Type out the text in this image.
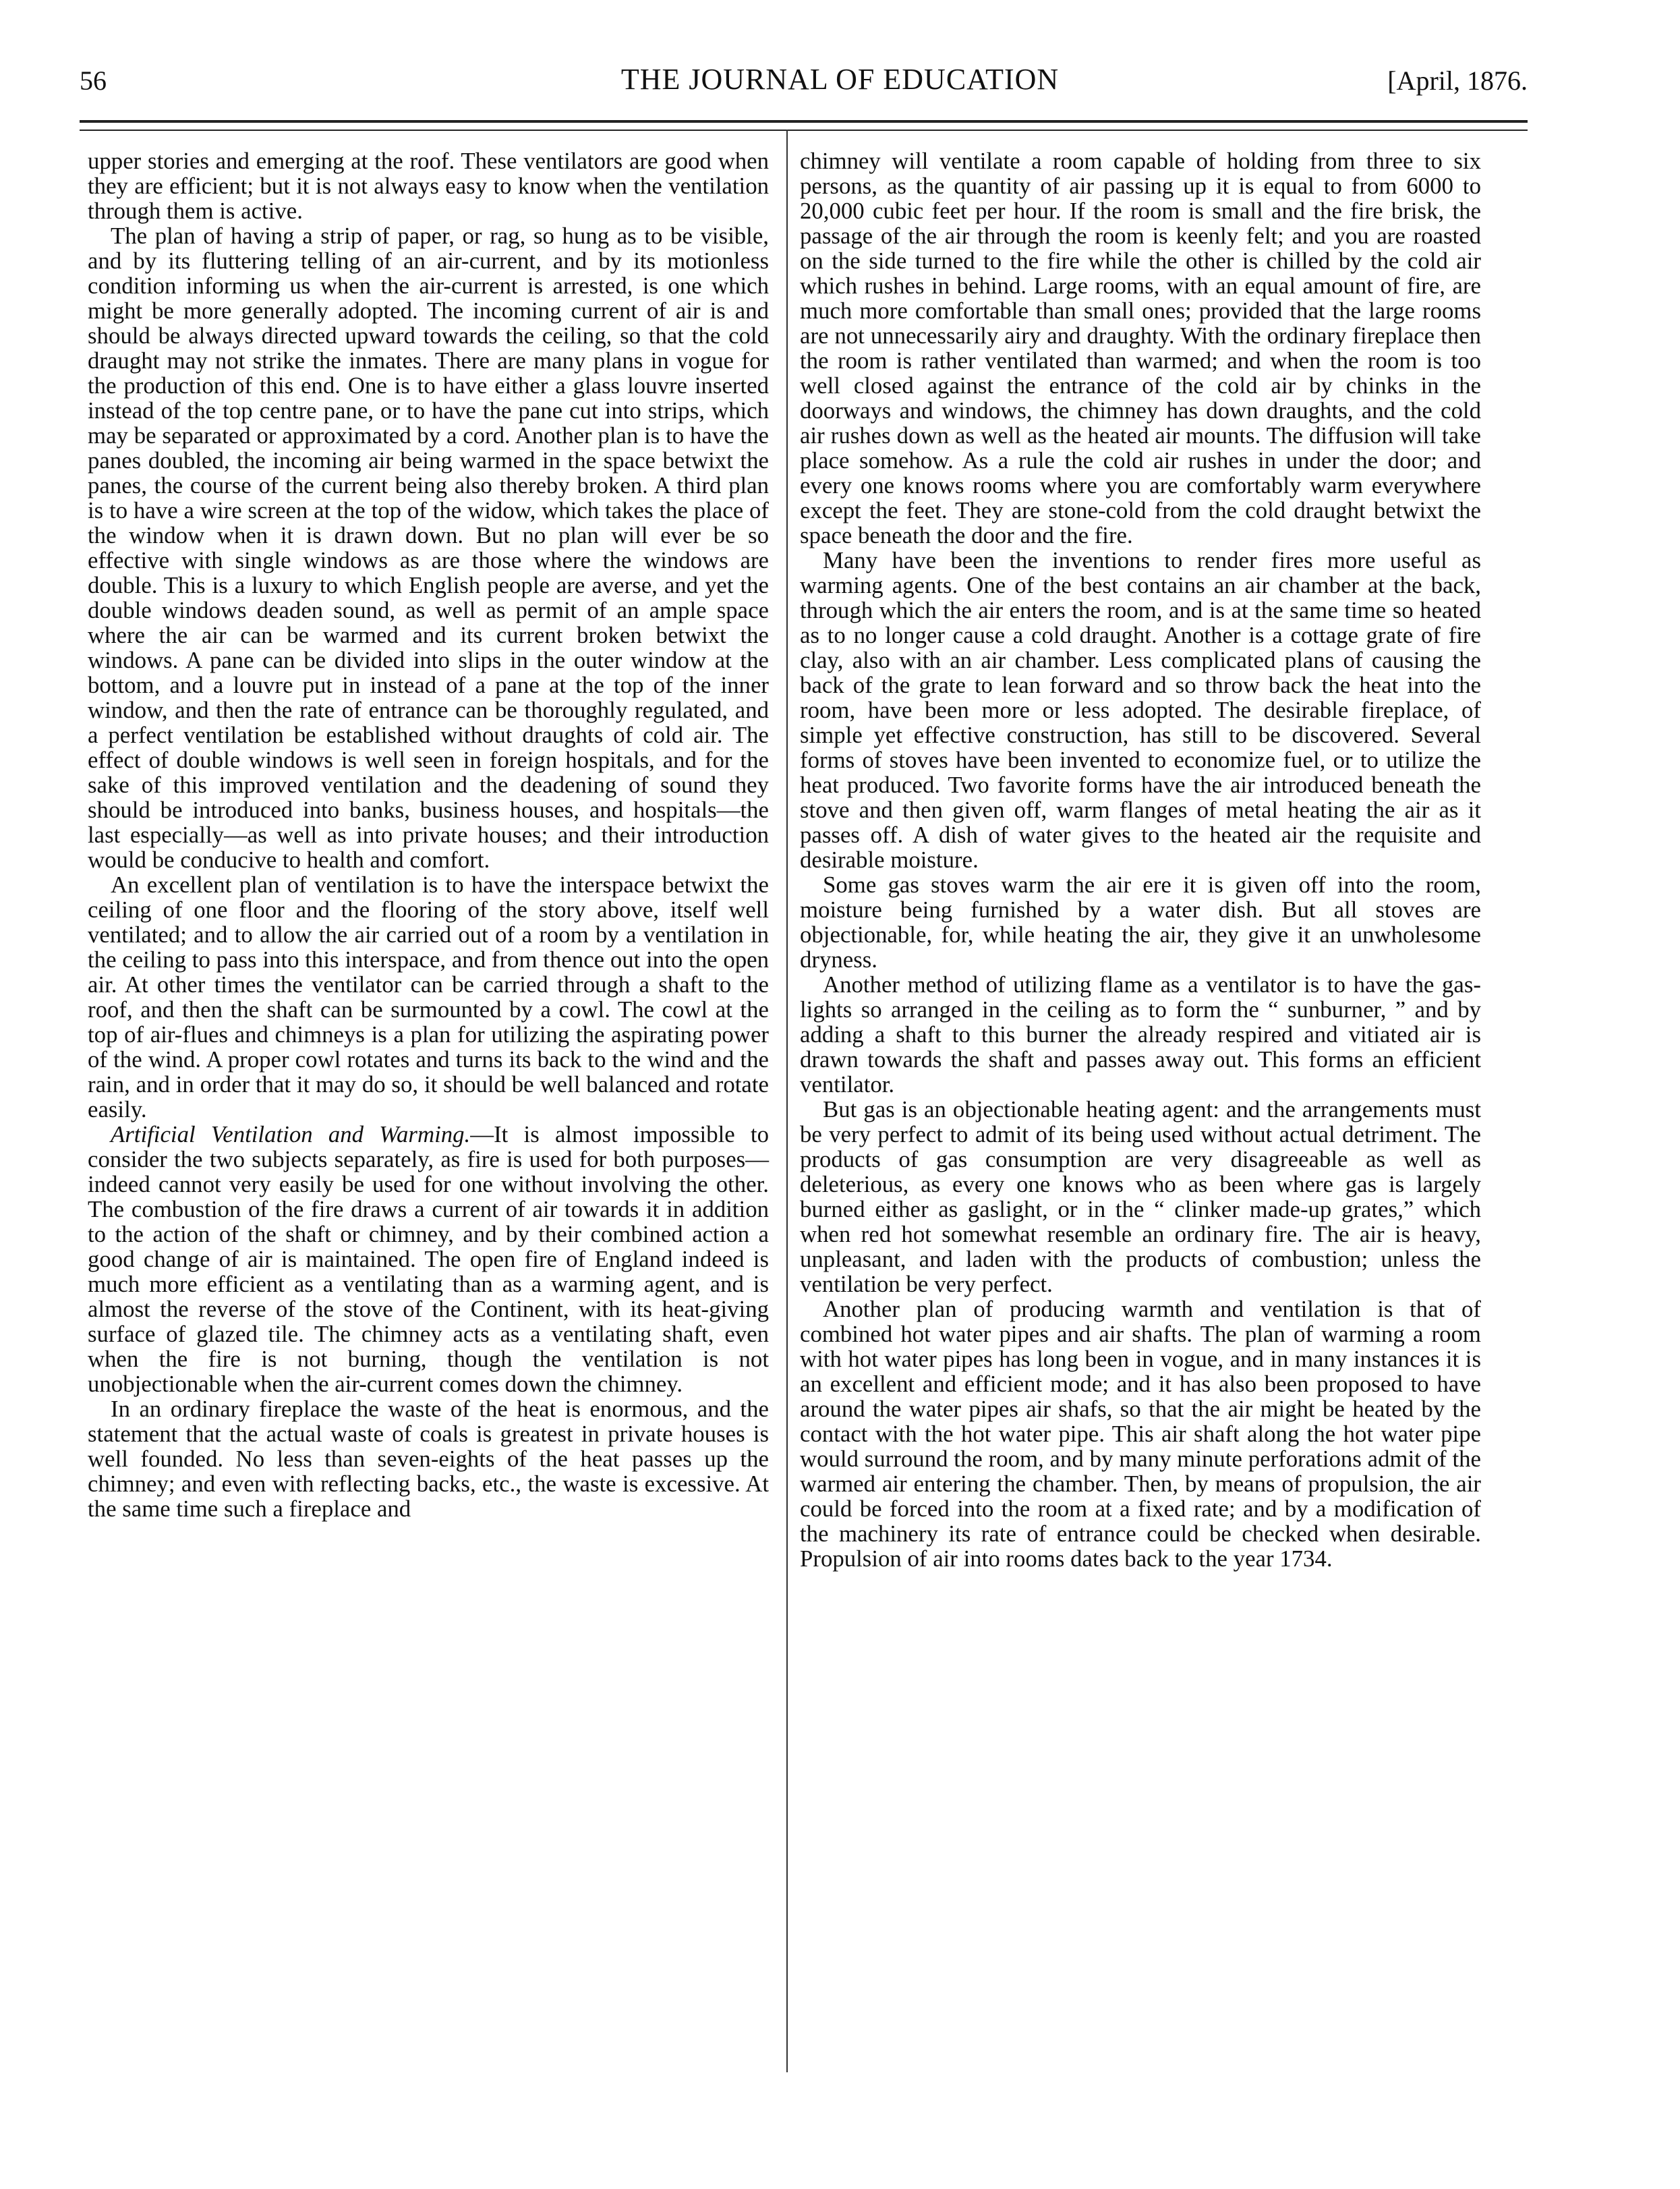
56	THE JOURNAL OF EDUCATION	[April, 1876.

upper stories and emerging at the roof. These ventilators are good when they are efficient; but it is not always easy to know when the ventilation through them is active.

The plan of having a strip of paper, or rag, so hung as to be visible, and by its fluttering telling of an air-current, and by its motionless condition informing us when the air-current is arrested, is one which might be more generally adopted. The incoming current of air is and should be always directed upward towards the ceiling, so that the cold draught may not strike the inmates. There are many plans in vogue for the production of this end. One is to have either a glass louvre inserted instead of the top centre pane, or to have the pane cut into strips, which may be separated or approximated by a cord. Another plan is to have the panes doubled, the incoming air being warmed in the space betwixt the panes, the course of the current being also thereby broken. A third plan is to have a wire screen at the top of the widow, which takes the place of the window when it is drawn down. But no plan will ever be so effective with single windows as are those where the windows are double. This is a luxury to which English people are averse, and yet the double windows deaden sound, as well as permit of an ample space where the air can be warmed and its current broken betwixt the windows. A pane can be divided into slips in the outer window at the bottom, and a louvre put in instead of a pane at the top of the inner window, and then the rate of entrance can be thoroughly regulated, and a perfect ventilation be established without draughts of cold air. The effect of double windows is well seen in foreign hospitals, and for the sake of this improved ventilation and the deadening of sound they should be introduced into banks, business houses, and hospitals—the last especially—as well as into private houses; and their introduction would be conducive to health and comfort.

An excellent plan of ventilation is to have the interspace betwixt the ceiling of one floor and the flooring of the story above, itself well ventilated; and to allow the air carried out of a room by a ventilation in the ceiling to pass into this interspace, and from thence out into the open air. At other times the ventilator can be carried through a shaft to the roof, and then the shaft can be surmounted by a cowl. The cowl at the top of air-flues and chimneys is a plan for utilizing the aspirating power of the wind. A proper cowl rotates and turns its back to the wind and the rain, and in order that it may do so, it should be well balanced and rotate easily.

Artificial Ventilation and Warming.—It is almost impossible to consider the two subjects separately, as fire is used for both purposes—indeed cannot very easily be used for one without involving the other. The combustion of the fire draws a current of air towards it in addition to the action of the shaft or chimney, and by their combined action a good change of air is maintained. The open fire of England indeed is much more efficient as a ventilating than as a warming agent, and is almost the reverse of the stove of the Continent, with its heat-giving surface of glazed tile. The chimney acts as a ventilating shaft, even when the fire is not burning, though the ventilation is not unobjectionable when the air-current comes down the chimney.

In an ordinary fireplace the waste of the heat is enormous, and the statement that the actual waste of coals is greatest in private houses is well founded. No less than seven-eights of the heat passes up the chimney; and even with reflecting backs, etc., the waste is excessive. At the same time such a fireplace and

chimney will ventilate a room capable of holding from three to six persons, as the quantity of air passing up it is equal to from 6000 to 20,000 cubic feet per hour. If the room is small and the fire brisk, the passage of the air through the room is keenly felt; and you are roasted on the side turned to the fire while the other is chilled by the cold air which rushes in behind. Large rooms, with an equal amount of fire, are much more comfortable than small ones; provided that the large rooms are not unnecessarily airy and draughty. With the ordinary fireplace then the room is rather ventilated than warmed; and when the room is too well closed against the entrance of the cold air by chinks in the doorways and windows, the chimney has down draughts, and the cold air rushes down as well as the heated air mounts. The diffusion will take place somehow. As a rule the cold air rushes in under the door; and every one knows rooms where you are comfortably warm everywhere except the feet. They are stone-cold from the cold draught betwixt the space beneath the door and the fire.

Many have been the inventions to render fires more useful as warming agents. One of the best contains an air chamber at the back, through which the air enters the room, and is at the same time so heated as to no longer cause a cold draught. Another is a cottage grate of fire clay, also with an air chamber. Less complicated plans of causing the back of the grate to lean forward and so throw back the heat into the room, have been more or less adopted. The desirable fireplace, of simple yet effective construction, has still to be discovered. Several forms of stoves have been invented to economize fuel, or to utilize the heat produced. Two favorite forms have the air introduced beneath the stove and then given off, warm flanges of metal heating the air as it passes off. A dish of water gives to the heated air the requisite and desirable moisture.

Some gas stoves warm the air ere it is given off into the room, moisture being furnished by a water dish. But all stoves are objectionable, for, while heating the air, they give it an unwholesome dryness.

Another method of utilizing flame as a ventilator is to have the gas-lights so arranged in the ceiling as to form the “ sunburner, ” and by adding a shaft to this burner the already respired and vitiated air is drawn towards the shaft and passes away out. This forms an efficient ventilator.

But gas is an objectionable heating agent: and the arrangements must be very perfect to admit of its being used without actual detriment. The products of gas consumption are very disagreeable as well as deleterious, as every one knows who as been where gas is largely burned either as gaslight, or in the “ clinker made-up grates,” which when red hot somewhat resemble an ordinary fire. The air is heavy, unpleasant, and laden with the products of combustion; unless the ventilation be very perfect.

Another plan of producing warmth and ventilation is that of combined hot water pipes and air shafts. The plan of warming a room with hot water pipes has long been in vogue, and in many instances it is an excellent and efficient mode; and it has also been proposed to have around the water pipes air shafs, so that the air might be heated by the contact with the hot water pipe. This air shaft along the hot water pipe would surround the room, and by many minute perforations admit of the warmed air entering the chamber. Then, by means of propulsion, the air could be forced into the room at a fixed rate; and by a modification of the machinery its rate of entrance could be checked when desirable. Propulsion of air into rooms dates back to the year 1734.
